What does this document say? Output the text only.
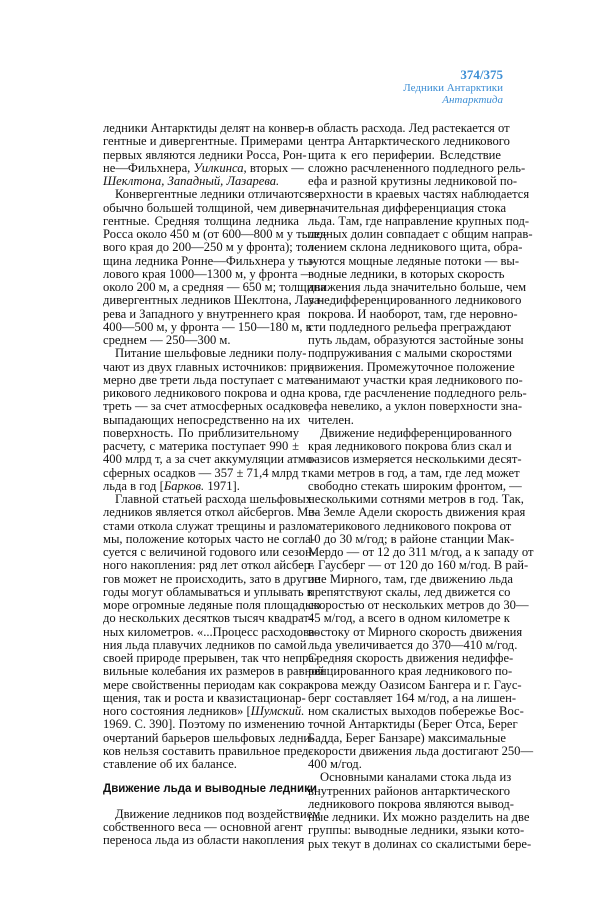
374/375
Ледники Антарктики
Антарктида
ледники Антарктиды делят на конвер-
гентные и дивергентные. Примерами
первых являются ледники Росса, Рон-
не—Фильхнера, Уилкинса, вторых —
Шеклтона, Западный, Лазарева.
Конвергентные ледники отличаются
обычно большей толщиной, чем дивер-
гентные. Средняя толщина ледника
Росса около 450 м (от 600—800 м у тыло-
вого края до 200—250 м у фронта); тол-
щина ледника Ронне—Фильхнера у ты-
лового края 1000—1300 м, у фронта —
около 200 м, а средняя — 650 м; толщина
дивергентных ледников Шеклтона, Лаза-
рева и Западного у внутреннего края
400—500 м, у фронта — 150—180 м, в
среднем — 250—300 м.
Питание шельфовые ледники полу-
чают из двух главных источников: при-
мерно две трети льда поступает с мате-
рикового ледникового покрова и одна
треть — за счет атмосферных осадков,
выпадающих непосредственно на их
поверхность. По приблизительному
расчету, с материка поступает 990 ±
400 млрд т, а за счет аккумуляции атмо-
сферных осадков — 357 ± 71,4 млрд т
льда в год [Барков. 1971].
Главной статьей расхода шельфовых
ледников является откол айсбергов. Ме-
стами откола служат трещины и разло-
мы, положение которых часто не согла-
суется с величиной годового или сезон-
ного накопления: ряд лет откол айсбер-
гов может не происходить, зато в другие
годы могут обламываться и уплывать в
море огромные ледяные поля площадью
до нескольких десятков тысяч квадрат-
ных километров. «...Процесс расходова-
ния льда плавучих ледников по самой
своей природе прерывен, так что непра-
вильные колебания их размеров в равной
мере свойственны периодам как сокра-
щения, так и роста и квазистационар-
ного состояния ледников» [Шумский.
1969. С. 390]. Поэтому по изменению
очертаний барьеров шельфовых ледни-
ков нельзя составить правильное пред-
ставление об их балансе.
Движение льда и выводные ледники
Движение ледников под воздействием
собственного веса — основной агент
переноса льда из области накопления
в область расхода. Лед растекается от
центра Антарктического ледникового
щита к его периферии. Вследствие
сложно расчлененного подледного рель-
ефа и разной крутизны ледниковой по-
верхности в краевых частях наблюдается
значительная дифференциация стока
льда. Там, где направление крупных под-
ледных долин совпадает с общим направ-
лением склона ледникового щита, обра-
зуются мощные ледяные потоки — вы-
водные ледники, в которых скорость
движения льда значительно больше, чем
у недифференцированного ледникового
покрова. И наоборот, там, где неровно-
сти подледного рельефа преграждают
путь льдам, образуются застойные зоны
подпруживания с малыми скоростями
движения. Промежуточное положение
занимают участки края ледникового по-
крова, где расчленение подледного рель-
ефа невелико, а уклон поверхности зна-
чителен.
Движение недифференцированного
края ледникового покрова близ скал и
оазисов измеряется несколькими десят-
ками метров в год, а там, где лед может
свободно стекать широким фронтом, —
несколькими сотнями метров в год. Так,
на Земле Адели скорость движения края
материкового ледникового покрова от
10 до 30 м/год; в районе станции Мак-
Мердо — от 12 до 311 м/год, а к западу от
г. Гаусберг — от 120 до 160 м/год. В рай-
оне Мирного, там, где движению льда
препятствуют скалы, лед движется со
скоростью от нескольких метров до 30—
45 м/год, а всего в одном километре к
востоку от Мирного скорость движения
льда увеличивается до 370—410 м/год.
Средняя скорость движения недиффе-
ренцированного края ледникового по-
крова между Оазисом Бангера и г. Гаус-
берг составляет 164 м/год, а на лишен-
ном скалистых выходов побережье Вос-
точной Антарктиды (Берег Отса, Берег
Бадда, Берег Банзаре) максимальные
скорости движения льда достигают 250—
400 м/год.
Основными каналами стока льда из
внутренних районов антарктического
ледникового покрова являются вывод-
ные ледники. Их можно разделить на две
группы: выводные ледники, языки кото-
рых текут в долинах со скалистыми бере-
